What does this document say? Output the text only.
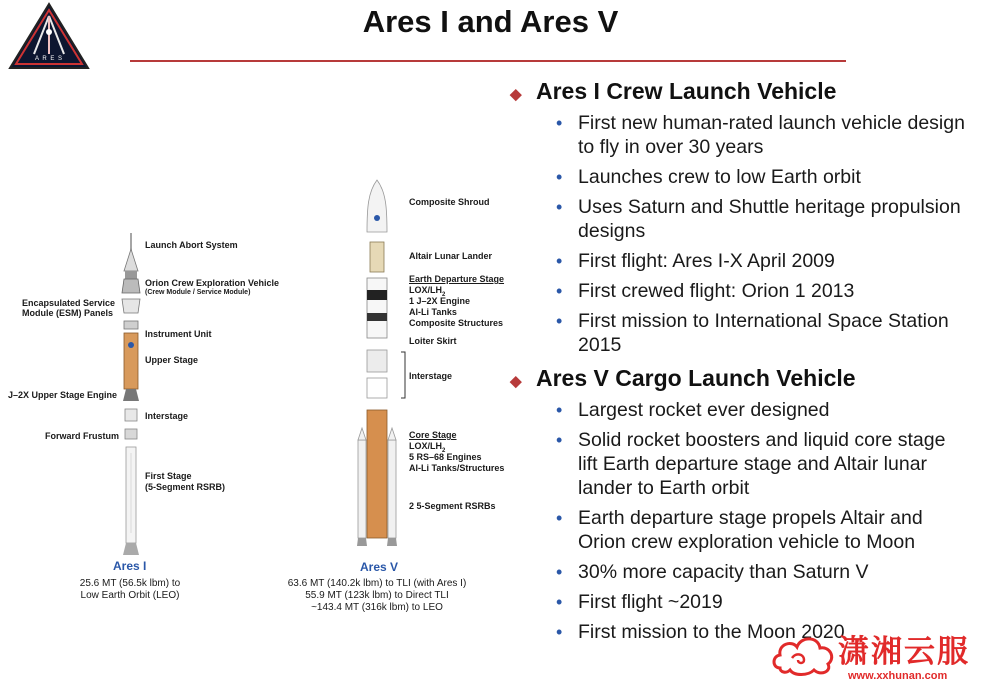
A R E S
Ares I and Ares V
Launch Abort System
Orion Crew Exploration Vehicle
(Crew Module / Service Module)
Encapsulated Service
Module (ESM) Panels
Instrument Unit
Upper Stage
J–2X Upper Stage Engine
Interstage
Forward Frustum
First Stage
(5-Segment RSRB)
Ares I
25.6 MT (56.5k lbm) to
Low Earth Orbit (LEO)
Composite Shroud
Altair Lunar Lander
Earth Departure Stage
LOX/$LH_2$
1 J–2X Engine
Al-Li Tanks
Composite Structures
Loiter Skirt
Interstage
Core Stage
LOX/$LH_2$
5 RS–68 Engines
Al-Li Tanks/Structures
2 5-Segment RSRBs
Ares V
63.6 MT (140.2k lbm) to TLI (with Ares I)
55.9 MT (123k lbm) to Direct TLI
~143.4 MT (316k lbm) to LEO
◆ Ares I Crew Launch Vehicle
• First new human-rated launch vehicle design to fly in over 30 years
• Launches crew to low Earth orbit
• Uses Saturn and Shuttle heritage propulsion designs
• First flight: Ares I-X April 2009
• First crewed flight: Orion 1 2013
• First mission to International Space Station 2015
◆ Ares V Cargo Launch Vehicle
• Largest rocket ever designed
• Solid rocket boosters and liquid core stage lift Earth departure stage and Altair lunar lander to Earth orbit
• Earth departure stage propels Altair and Orion crew exploration vehicle to Moon
• 30% more capacity than Saturn V
• First flight ~2019
• First mission to the Moon 2020
潇湘云服
www.xxhunan.com
